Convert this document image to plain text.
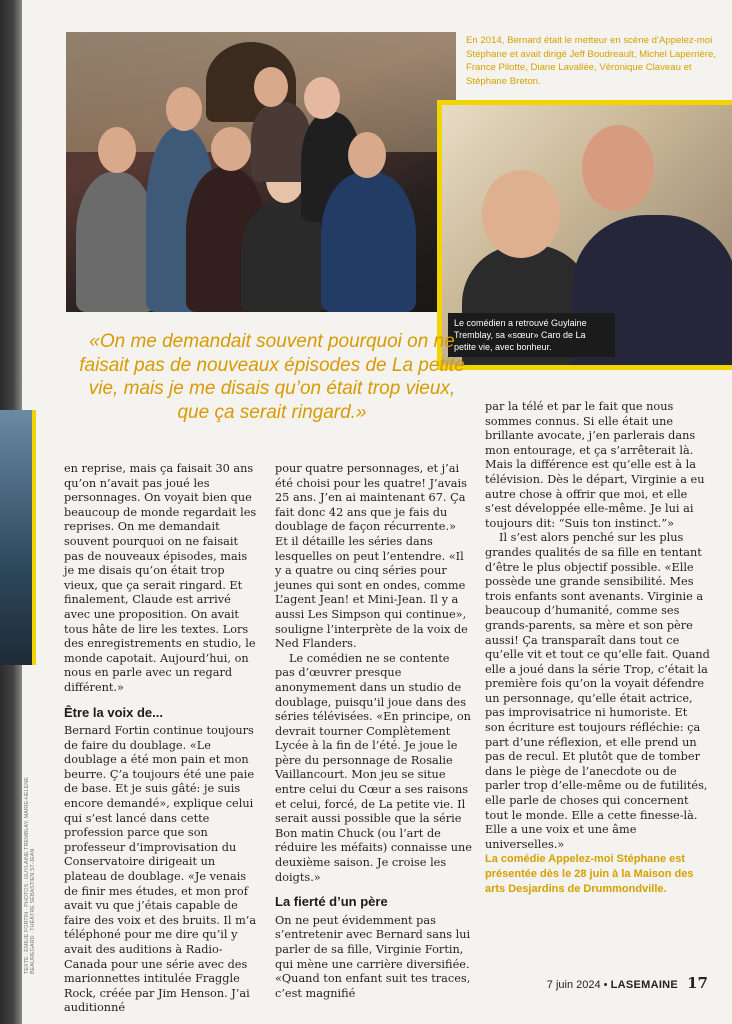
En 2014, Bernard était le metteur en scène d’Appelez-moi Stéphane et avait dirigé Jeff Boudreault, Michel Laperrière, France Pilotte, Diane Lavallée, Véronique Claveau et Stéphane Breton.
Le comédien a retrouvé Guylaine Tremblay, sa «sœur» Caro de La petite vie, avec bonheur.
«On me demandait souvent pourquoi on ne faisait pas de nouveaux épisodes de La petite vie, mais je me disais qu’on était trop vieux, que ça serait ringard.»

en reprise, mais ça faisait 30 ans qu’on n’avait pas joué les personnages. On voyait bien que beaucoup de monde regardait les reprises. On me demandait souvent pourquoi on ne faisait pas de nouveaux épisodes, mais je me disais qu’on était trop vieux, que ça serait ringard. Et finalement, Claude est arrivé avec une proposition. On avait tous hâte de lire les textes. Lors des enregistrements en studio, le monde capotait. Aujourd’hui, on nous en parle avec un regard différent.»

Être la voix de...

Bernard Fortin continue toujours de faire du doublage. «Le doublage a été mon pain et mon beurre. Ç’a toujours été une paie de base. Et je suis gâté: je suis encore demandé», explique celui qui s’est lancé dans cette profession parce que son professeur d’improvisation du Conservatoire dirigeait un plateau de doublage. «Je venais de finir mes études, et mon prof avait vu que j’étais capable de faire des voix et des bruits. Il m’a téléphoné pour me dire qu’il y avait des auditions à Radio-Canada pour une série avec des marionnettes intitulée Fraggle Rock, créée par Jim Henson. J’ai auditionné

pour quatre personnages, et j’ai été choisi pour les quatre! J’avais 25 ans. J’en ai maintenant 67. Ça fait donc 42 ans que je fais du doublage de façon récurrente.» Et il détaille les séries dans lesquelles on peut l’entendre. «Il y a quatre ou cinq séries pour jeunes qui sont en ondes, comme L’agent Jean! et Mini-Jean. Il y a aussi Les Simpson qui continue», souligne l’interprète de la voix de Ned Flanders.

Le comédien ne se contente pas d’œuvrer presque anonymement dans un studio de doublage, puisqu’il joue dans des séries télévisées. «En principe, on devrait tourner Complètement Lycée à la fin de l’été. Je joue le père du personnage de Rosalie Vaillancourt. Mon jeu se situe entre celui du Cœur a ses raisons et celui, forcé, de La petite vie. Il serait aussi possible que la série Bon matin Chuck (ou l’art de réduire les méfaits) connaisse une deuxième saison. Je croise les doigts.»

La fierté d’un père

On ne peut évidemment pas s’entretenir avec Bernard sans lui parler de sa fille, Virginie Fortin, qui mène une carrière diversifiée. «Quand ton enfant suit tes traces, c’est magnifié

par la télé et par le fait que nous sommes connus. Si elle était une brillante avocate, j’en parlerais dans mon entourage, et ça s’arrêterait là. Mais la différence est qu’elle est à la télévision. Dès le départ, Virginie a eu autre chose à offrir que moi, et elle s’est développée elle-même. Je lui ai toujours dit: “Suis ton instinct.”»

Il s’est alors penché sur les plus grandes qualités de sa fille en tentant d’être le plus objectif possible. «Elle possède une grande sensibilité. Mes trois enfants sont avenants. Virginie a beaucoup d’humanité, comme ses grands-parents, sa mère et son père aussi! Ça transparaît dans tout ce qu’elle vit et tout ce qu’elle fait. Quand elle a joué dans la série Trop, c’était la première fois qu’on la voyait défendre un personnage, qu’elle était actrice, pas improvisatrice ni humoriste. Et son écriture est toujours réfléchie: ça part d’une réflexion, et elle prend un pas de recul. Et plutôt que de tomber dans le piège de l’anecdote ou de parler trop d’elle-même ou de futilités, elle parle de choses qui concernent tout le monde. Elle a cette finesse-là. Elle a une voix et une âme universelles.»

La comédie Appelez-moi Stéphane est présentée dès le 28 juin à la Maison des arts Desjardins de Drummondville.

TEXTE : ÉMILIE FORTIN · PHOTOS : GUYLAINE TREMBLAY, MARIE-HÉLÈNE BEAUREGARD · THÉÂTRE SÉBASTIEN ST-JEAN
7 juin 2024 • LASEMAINE 17
